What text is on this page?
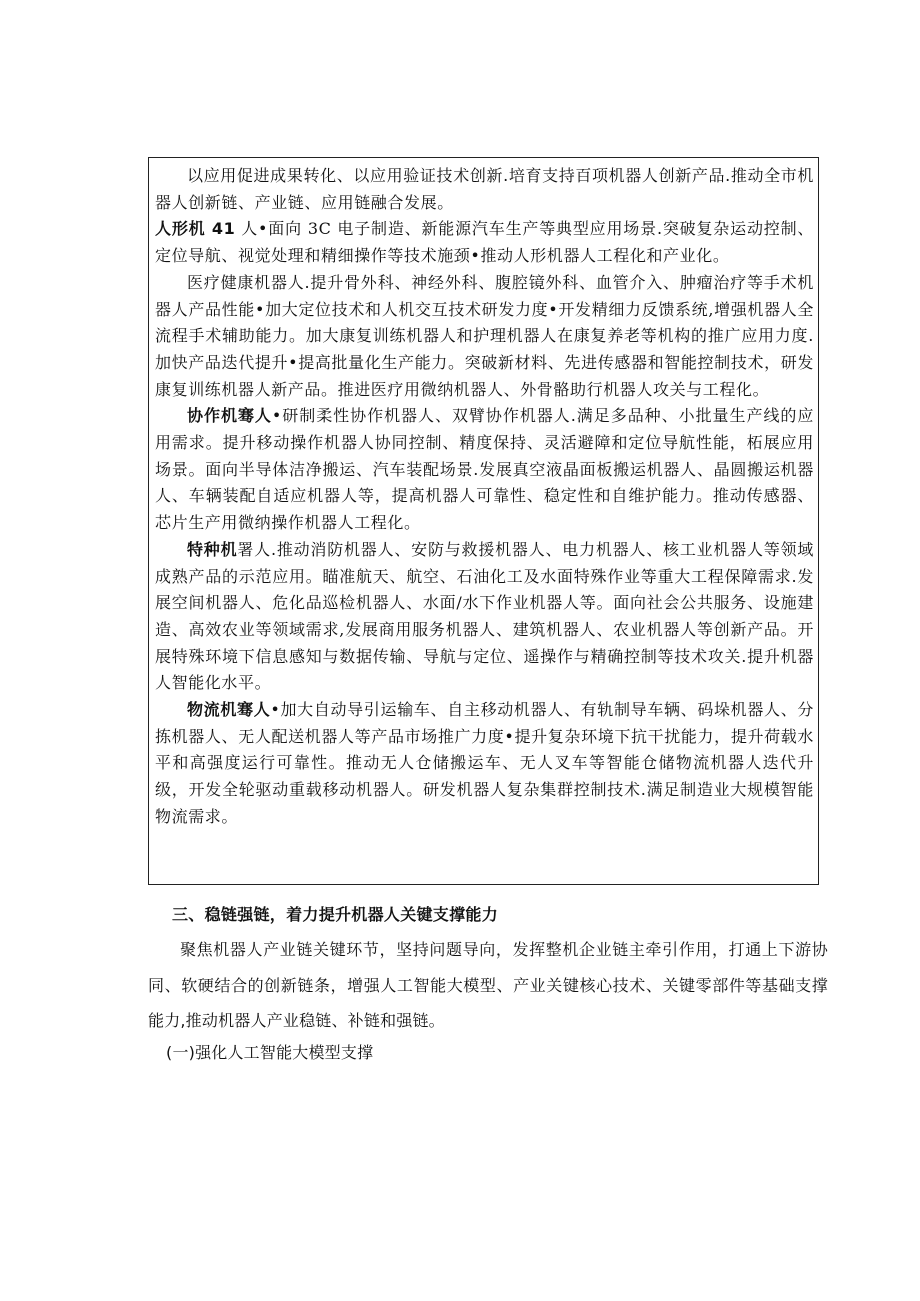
以应用促进成果转化、以应用验证技术创新.培育支持百项机器人创新产品.推动全市机器人创新链、产业链、应用链融合发展。

人形机 41 人•面向 3C 电子制造、新能源汽车生产等典型应用场景.突破复杂运动控制、定位导航、视觉处理和精细操作等技术施颈•推动人形机器人工程化和产业化。

医疗健康机器人.提升骨外科、神经外科、腹腔镜外科、血管介入、肿瘤治疗等手术机器人产品性能•加大定位技术和人机交互技术研发力度•开发精细力反馈系统,增强机器人全流程手术辅助能力。加大康复训练机器人和护理机器人在康复养老等机构的推广应用力度.加快产品迭代提升•提高批量化生产能力。突破新材料、先进传感器和智能控制技术，研发康复训练机器人新产品。推进医疗用微纳机器人、外骨骼助行机器人攻关与工程化。

协作机骞人•研制柔性协作机器人、双臂协作机器人.满足多品种、小批量生产线的应用需求。提升移动操作机器人协同控制、精度保持、灵活避障和定位导航性能，柘展应用场景。面向半导体洁净搬运、汽车装配场景.发展真空液晶面板搬运机器人、晶圆搬运机器人、车辆装配自适应机器人等，提高机器人可靠性、稳定性和自维护能力。推动传感器、芯片生产用微纳操作机器人工程化。

特种机署人.推动消防机器人、安防与救援机器人、电力机器人、核工业机器人等领域成熟产品的示范应用。瞄准航天、航空、石油化工及水面特殊作业等重大工程保障需求.发展空间机器人、危化品巡检机器人、水面/水下作业机器人等。面向社会公共服务、设施建造、高效农业等领域需求,发展商用服务机器人、建筑机器人、农业机器人等创新产品。开展特殊环境下信息感知与数据传输、导航与定位、遥操作与精确控制等技术攻关.提升机器人智能化水平。

物流机骞人•加大自动导引运输车、自主移动机器人、有轨制导车辆、码垛机器人、分拣机器人、无人配送机器人等产品市场推广力度•提升复杂环境下抗干扰能力，提升荷载水平和高强度运行可靠性。推动无人仓储搬运车、无人叉车等智能仓储物流机器人迭代升级，开发全轮驱动重载移动机器人。研发机器人复杂集群控制技术.满足制造业大规模智能物流需求。

三、稳链强链，着力提升机器人关键支撑能力
聚焦机器人产业链关键环节，坚持问题导向，发挥整机企业链主牵引作用，打通上下游协同、软硬结合的创新链条，增强人工智能大模型、产业关键核心技术、关键零部件等基础支撑能力,推动机器人产业稳链、补链和强链。
(一)强化人工智能大模型支撑
